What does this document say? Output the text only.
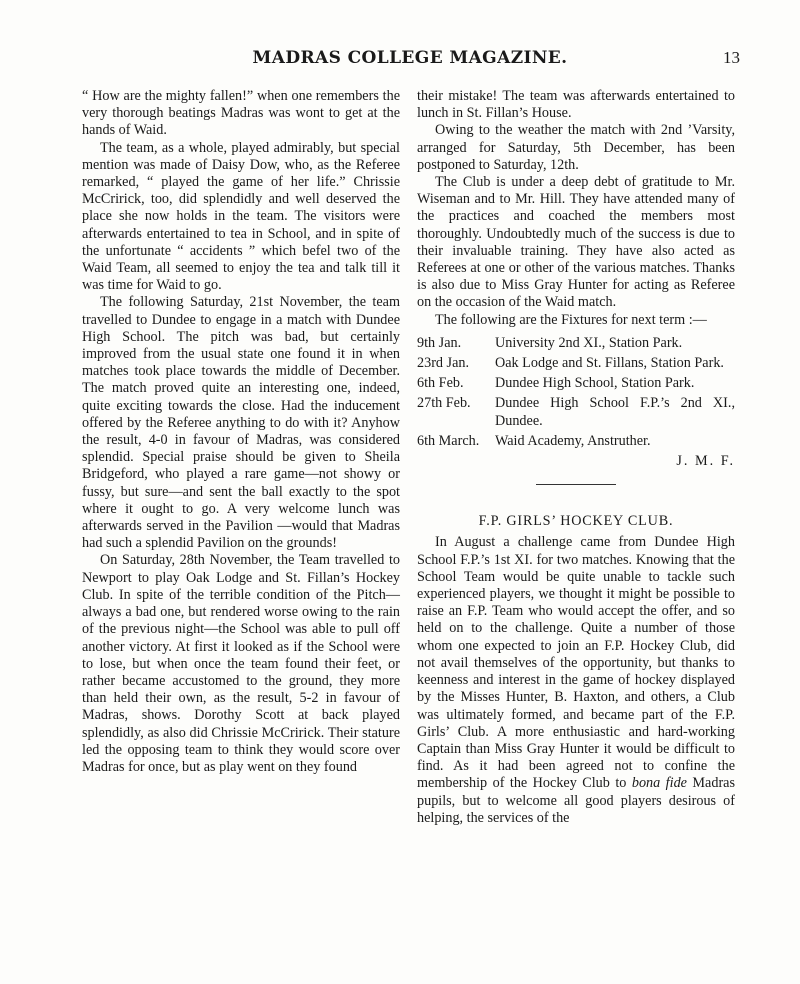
MADRAS COLLEGE MAGAZINE.	13

“ How are the mighty fallen!” when one remembers the very thorough beatings Madras was wont to get at the hands of Waid.

The team, as a whole, played admirably, but special mention was made of Daisy Dow, who, as the Referee remarked, “ played the game of her life.” Chrissie McCririck, too, did splendidly and well deserved the place she now holds in the team. The visitors were afterwards entertained to tea in School, and in spite of the unfortunate “ accidents ” which befel two of the Waid Team, all seemed to enjoy the tea and talk till it was time for Waid to go.

The following Saturday, 21st November, the team travelled to Dundee to engage in a match with Dundee High School. The pitch was bad, but certainly improved from the usual state one found it in when matches took place towards the middle of December. The match proved quite an interesting one, indeed, quite exciting towards the close. Had the inducement offered by the Referee anything to do with it? Anyhow the result, 4-0 in favour of Madras, was considered splendid. Special praise should be given to Sheila Bridgeford, who played a rare game—not showy or fussy, but sure—and sent the ball exactly to the spot where it ought to go. A very welcome lunch was afterwards served in the Pavilion —would that Madras had such a splendid Pavilion on the grounds!

On Saturday, 28th November, the Team travelled to Newport to play Oak Lodge and St. Fillan’s Hockey Club. In spite of the terrible condition of the Pitch—always a bad one, but rendered worse owing to the rain of the previous night—the School was able to pull off another victory. At first it looked as if the School were to lose, but when once the team found their feet, or rather became accustomed to the ground, they more than held their own, as the result, 5-2 in favour of Madras, shows. Dorothy Scott at back played splendidly, as also did Chrissie McCririck. Their stature led the opposing team to think they would score over Madras for once, but as play went on they found

their mistake! The team was afterwards entertained to lunch in St. Fillan’s House.

Owing to the weather the match with 2nd ’Varsity, arranged for Saturday, 5th December, has been postponed to Saturday, 12th.

The Club is under a deep debt of gratitude to Mr. Wiseman and to Mr. Hill. They have attended many of the practices and coached the members most thoroughly. Undoubtedly much of the success is due to their invaluable training. They have also acted as Referees at one or other of the various matches. Thanks is also due to Miss Gray Hunter for acting as Referee on the occasion of the Waid match.

The following are the Fixtures for next term :—

9th Jan.	University 2nd XI., Station Park.
23rd Jan.	Oak Lodge and St. Fillans, Station Park.
6th Feb.	Dundee High School, Station Park.
27th Feb.	Dundee High School F.P.’s 2nd XI., Dundee.
6th March.	Waid Academy, Anstruther.
J. M. F.
F.P. GIRLS’ HOCKEY CLUB.

In August a challenge came from Dundee High School F.P.’s 1st XI. for two matches. Knowing that the School Team would be quite unable to tackle such experienced players, we thought it might be possible to raise an F.P. Team who would accept the offer, and so held on to the challenge. Quite a number of those whom one expected to join an F.P. Hockey Club, did not avail themselves of the opportunity, but thanks to keenness and interest in the game of hockey displayed by the Misses Hunter, B. Haxton, and others, a Club was ultimately formed, and became part of the F.P. Girls’ Club. A more enthusiastic and hard-working Captain than Miss Gray Hunter it would be difficult to find. As it had been agreed not to confine the membership of the Hockey Club to bona fide Madras pupils, but to welcome all good players desirous of helping, the services of the
